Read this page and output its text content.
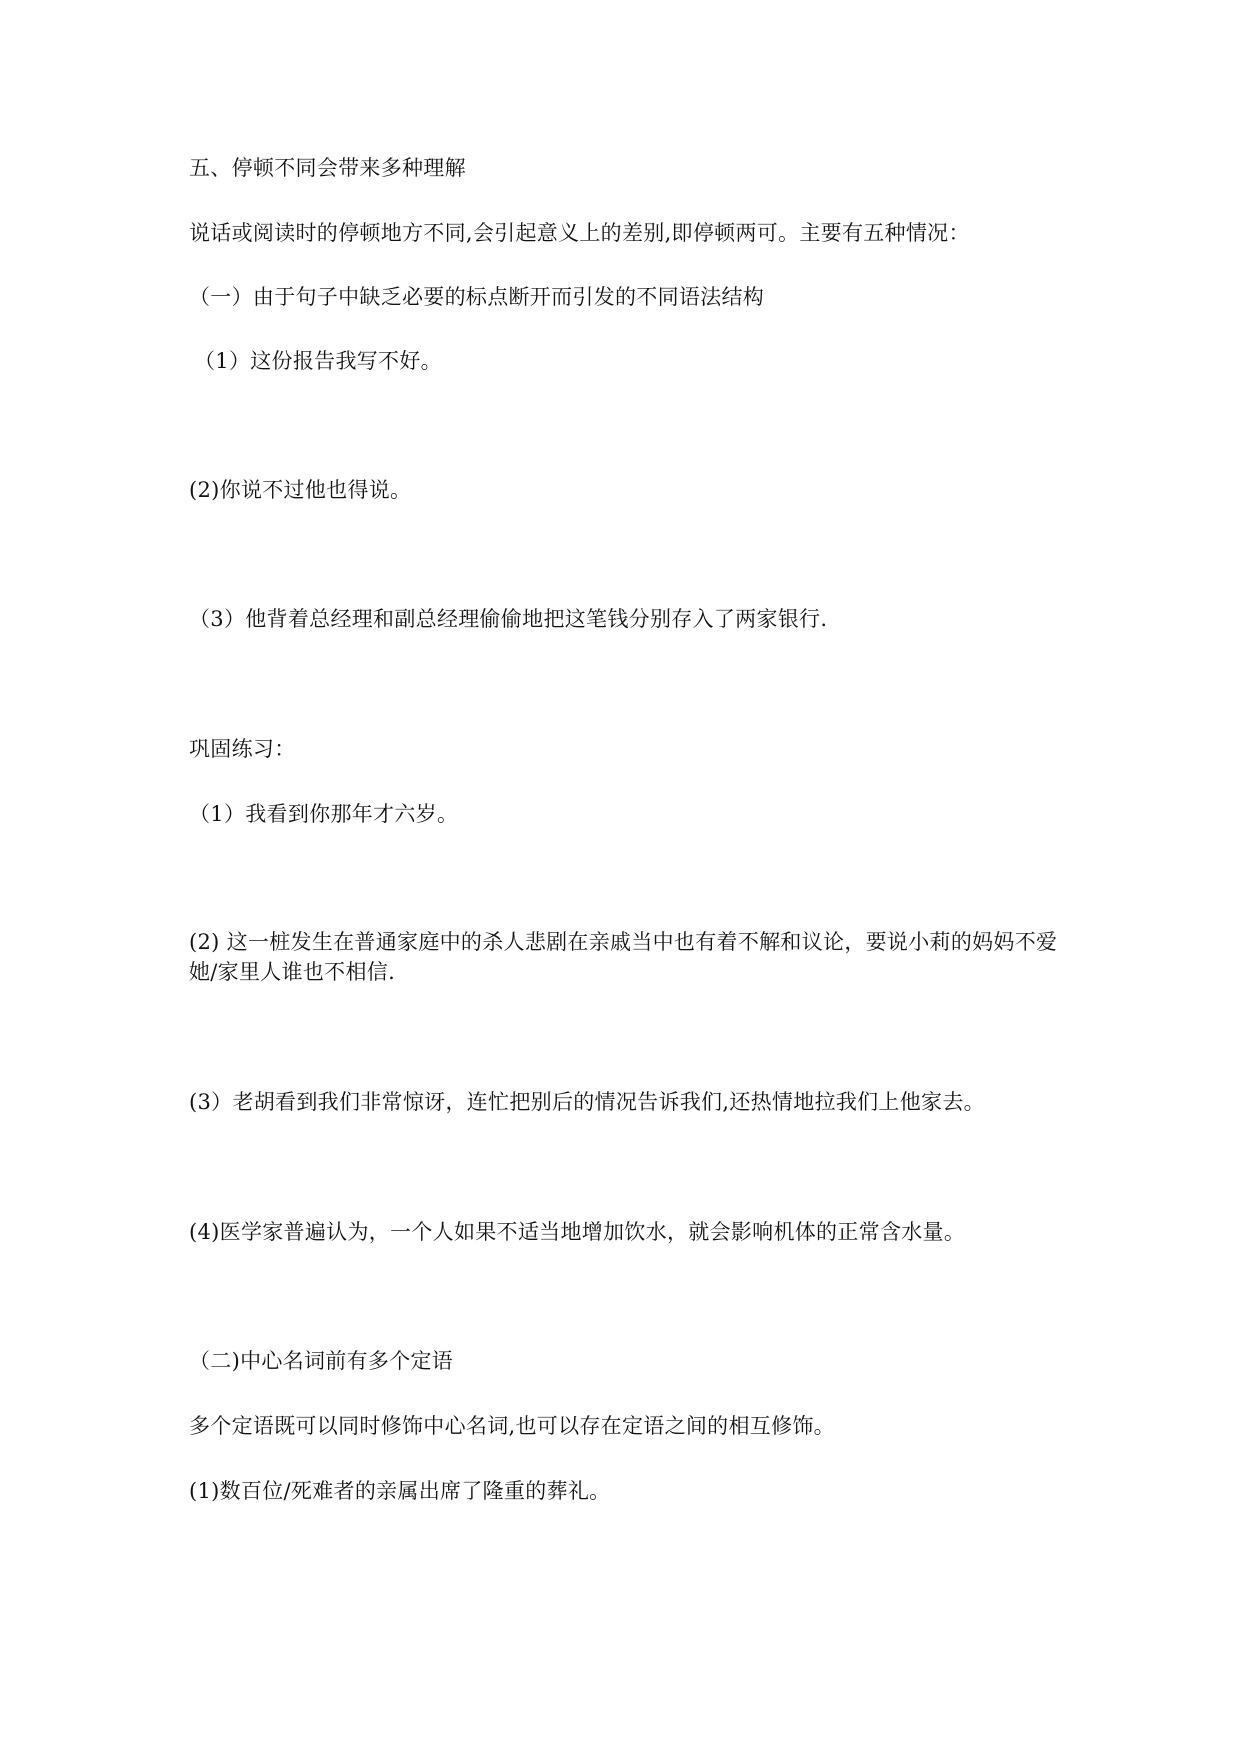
五、停顿不同会带来多种理解
说话或阅读时的停顿地方不同,会引起意义上的差别,即停顿两可。主要有五种情况：
（一）由于句子中缺乏必要的标点断开而引发的不同语法结构
（1）这份报告我写不好。
(2)你说不过他也得说。
（3）他背着总经理和副总经理偷偷地把这笔钱分别存入了两家银行.
巩固练习：
（1）我看到你那年才六岁。
(2) 这一桩发生在普通家庭中的杀人悲剧在亲戚当中也有着不解和议论，要说小莉的妈妈不爱她/家里人谁也不相信.
(3）老胡看到我们非常惊讶，连忙把别后的情况告诉我们,还热情地拉我们上他家去。
(4)医学家普遍认为，一个人如果不适当地增加饮水，就会影响机体的正常含水量。
（二)中心名词前有多个定语
多个定语既可以同时修饰中心名词,也可以存在定语之间的相互修饰。
(1)数百位/死难者的亲属出席了隆重的葬礼。
